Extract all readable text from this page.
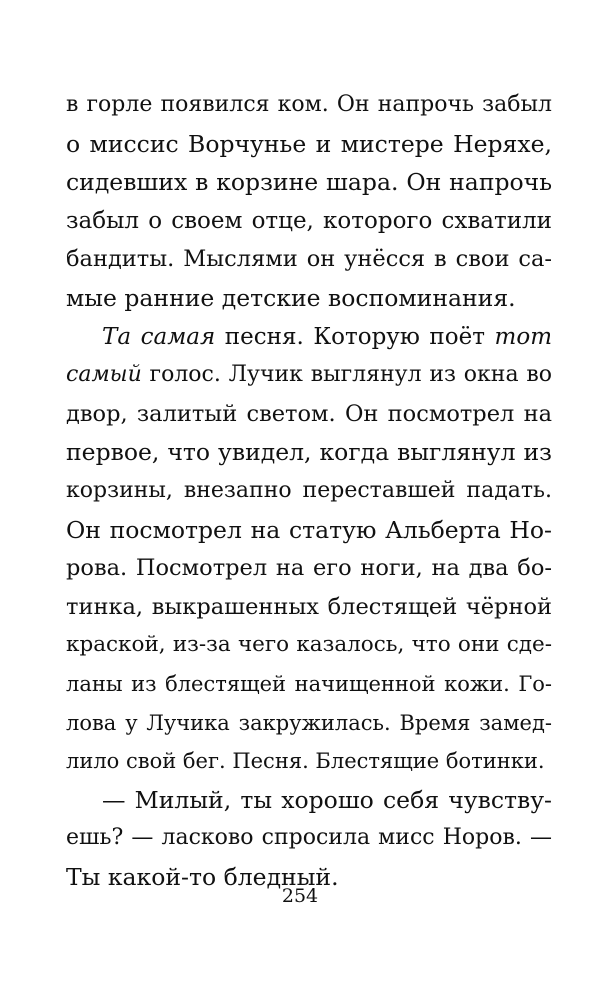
в горле появился ком. Он напрочь забыл
о миссис Ворчунье и мистере Неряхе,
сидевших в корзине шара. Он напрочь
забыл о своем отце, которого схватили
бандиты. Мыслями он унёсся в свои са-
мые ранние детские воспоминания.
Та самая песня. Которую поёт тот
самый голос. Лучик выглянул из окна во
двор, залитый светом. Он посмотрел на
первое, что увидел, когда выглянул из
корзины, внезапно переставшей падать.
Он посмотрел на статую Альберта Но-
рова. Посмотрел на его ноги, на два бо-
тинка, выкрашенных блестящей чёрной
краской, из-за чего казалось, что они сде-
ланы из блестящей начищенной кожи. Го-
лова у Лучика закружилась. Время замед-
лило свой бег. Песня. Блестящие ботинки.
— Милый, ты хорошо себя чувству-
ешь? — ласково спросила мисс Норов. —
Ты какой-то бледный.
254
